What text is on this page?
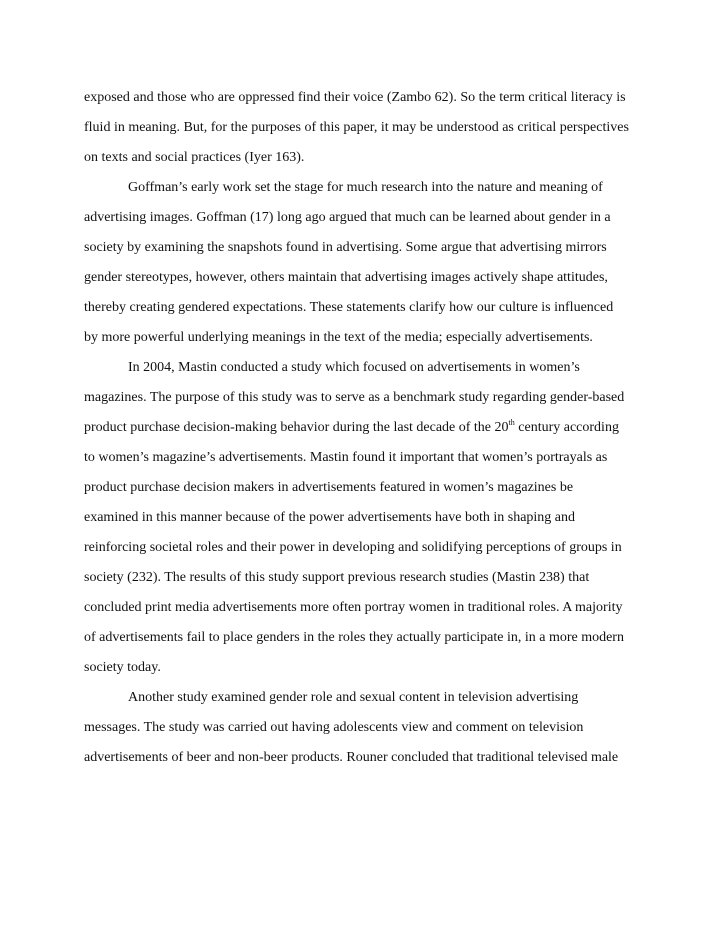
exposed and those who are oppressed find their voice (Zambo 62). So the term critical literacy is
fluid in meaning. But, for the purposes of this paper, it may be understood as critical perspectives
on texts and social practices (Iyer 163).
Goffman’s early work set the stage for much research into the nature and meaning of
advertising images. Goffman (17) long ago argued that much can be learned about gender in a
society by examining the snapshots found in advertising. Some argue that advertising mirrors
gender stereotypes, however, others maintain that advertising images actively shape attitudes,
thereby creating gendered expectations. These statements clarify how our culture is influenced
by more powerful underlying meanings in the text of the media; especially advertisements.
In 2004, Mastin conducted a study which focused on advertisements in women’s
magazines. The purpose of this study was to serve as a benchmark study regarding gender-based
product purchase decision-making behavior during the last decade of the 20th century according
to women’s magazine’s advertisements. Mastin found it important that women’s portrayals as
product purchase decision makers in advertisements featured in women’s magazines be
examined in this manner because of the power advertisements have both in shaping and
reinforcing societal roles and their power in developing and solidifying perceptions of groups in
society (232). The results of this study support previous research studies (Mastin 238) that
concluded print media advertisements more often portray women in traditional roles. A majority
of advertisements fail to place genders in the roles they actually participate in, in a more modern
society today.
Another study examined gender role and sexual content in television advertising
messages. The study was carried out having adolescents view and comment on television
advertisements of beer and non-beer products. Rouner concluded that traditional televised male
